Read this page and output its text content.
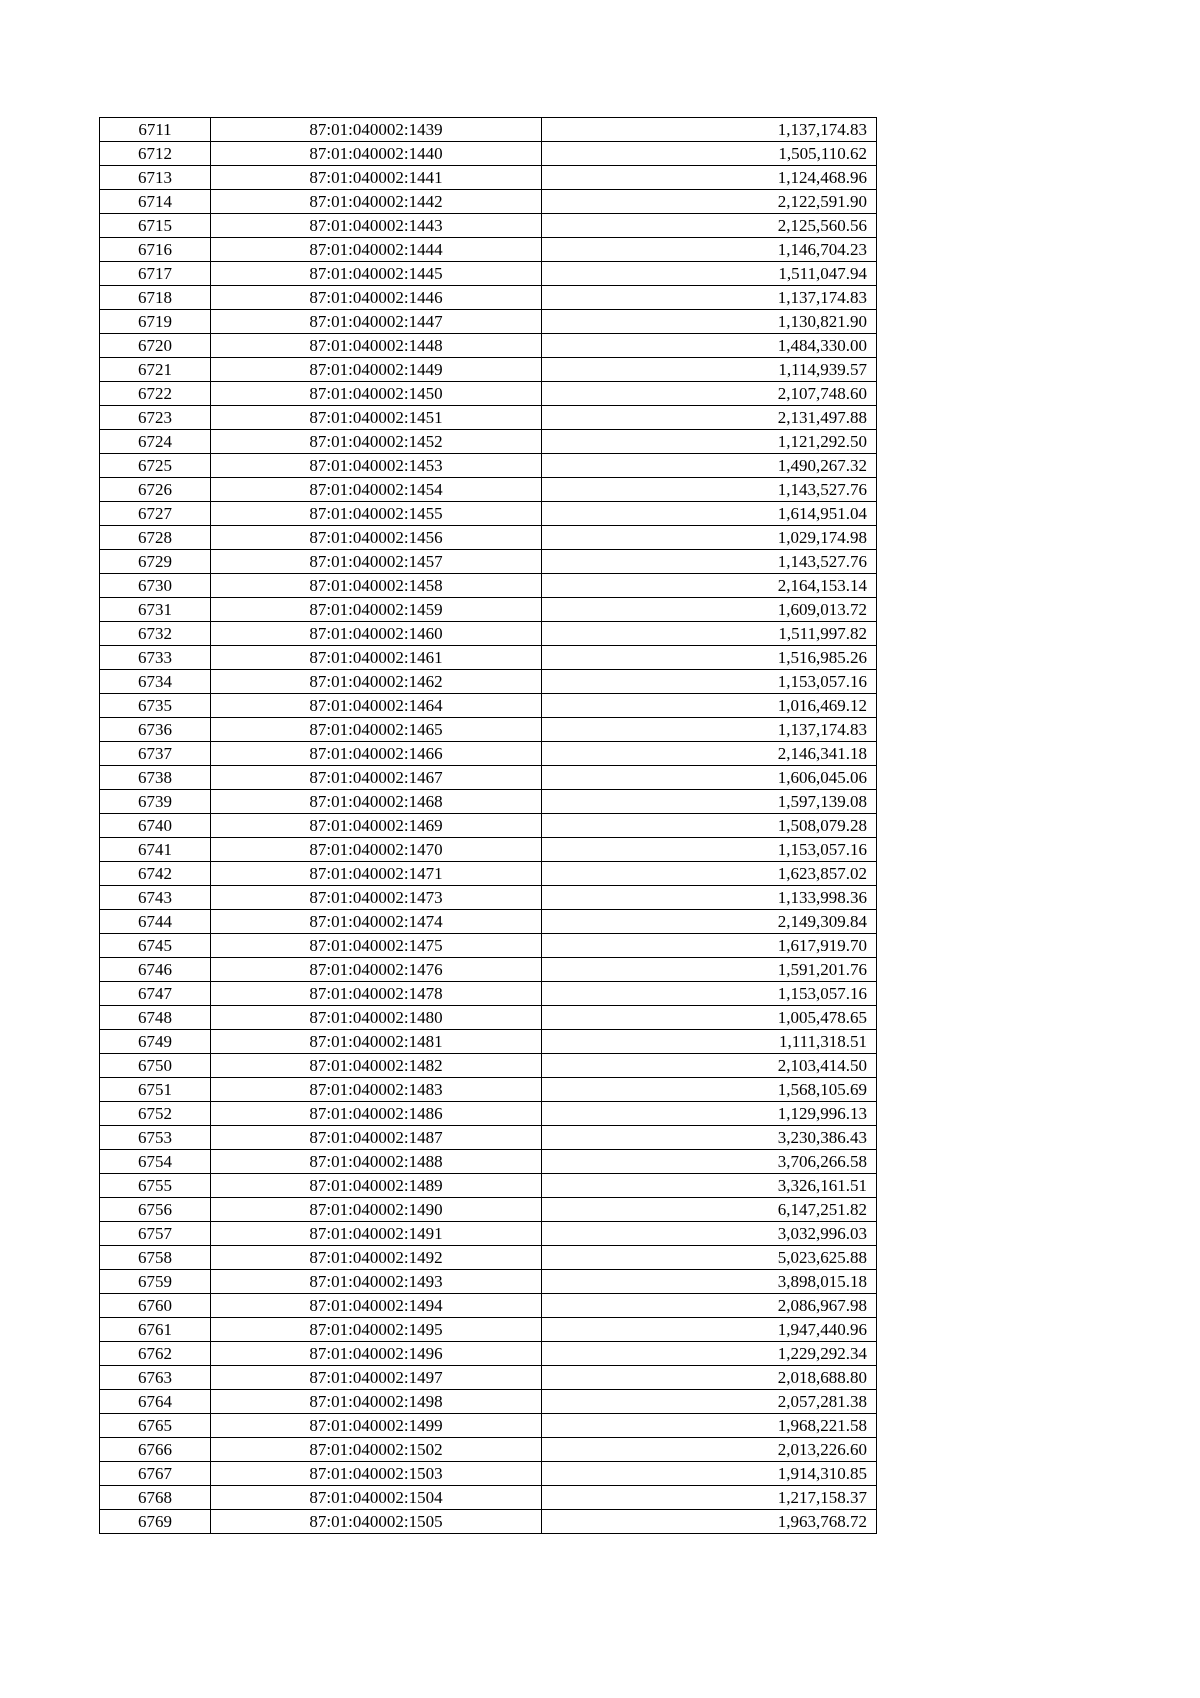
6711	87:01:040002:1439	1,137,174.83
6712	87:01:040002:1440	1,505,110.62
6713	87:01:040002:1441	1,124,468.96
6714	87:01:040002:1442	2,122,591.90
6715	87:01:040002:1443	2,125,560.56
6716	87:01:040002:1444	1,146,704.23
6717	87:01:040002:1445	1,511,047.94
6718	87:01:040002:1446	1,137,174.83
6719	87:01:040002:1447	1,130,821.90
6720	87:01:040002:1448	1,484,330.00
6721	87:01:040002:1449	1,114,939.57
6722	87:01:040002:1450	2,107,748.60
6723	87:01:040002:1451	2,131,497.88
6724	87:01:040002:1452	1,121,292.50
6725	87:01:040002:1453	1,490,267.32
6726	87:01:040002:1454	1,143,527.76
6727	87:01:040002:1455	1,614,951.04
6728	87:01:040002:1456	1,029,174.98
6729	87:01:040002:1457	1,143,527.76
6730	87:01:040002:1458	2,164,153.14
6731	87:01:040002:1459	1,609,013.72
6732	87:01:040002:1460	1,511,997.82
6733	87:01:040002:1461	1,516,985.26
6734	87:01:040002:1462	1,153,057.16
6735	87:01:040002:1464	1,016,469.12
6736	87:01:040002:1465	1,137,174.83
6737	87:01:040002:1466	2,146,341.18
6738	87:01:040002:1467	1,606,045.06
6739	87:01:040002:1468	1,597,139.08
6740	87:01:040002:1469	1,508,079.28
6741	87:01:040002:1470	1,153,057.16
6742	87:01:040002:1471	1,623,857.02
6743	87:01:040002:1473	1,133,998.36
6744	87:01:040002:1474	2,149,309.84
6745	87:01:040002:1475	1,617,919.70
6746	87:01:040002:1476	1,591,201.76
6747	87:01:040002:1478	1,153,057.16
6748	87:01:040002:1480	1,005,478.65
6749	87:01:040002:1481	1,111,318.51
6750	87:01:040002:1482	2,103,414.50
6751	87:01:040002:1483	1,568,105.69
6752	87:01:040002:1486	1,129,996.13
6753	87:01:040002:1487	3,230,386.43
6754	87:01:040002:1488	3,706,266.58
6755	87:01:040002:1489	3,326,161.51
6756	87:01:040002:1490	6,147,251.82
6757	87:01:040002:1491	3,032,996.03
6758	87:01:040002:1492	5,023,625.88
6759	87:01:040002:1493	3,898,015.18
6760	87:01:040002:1494	2,086,967.98
6761	87:01:040002:1495	1,947,440.96
6762	87:01:040002:1496	1,229,292.34
6763	87:01:040002:1497	2,018,688.80
6764	87:01:040002:1498	2,057,281.38
6765	87:01:040002:1499	1,968,221.58
6766	87:01:040002:1502	2,013,226.60
6767	87:01:040002:1503	1,914,310.85
6768	87:01:040002:1504	1,217,158.37
6769	87:01:040002:1505	1,963,768.72
